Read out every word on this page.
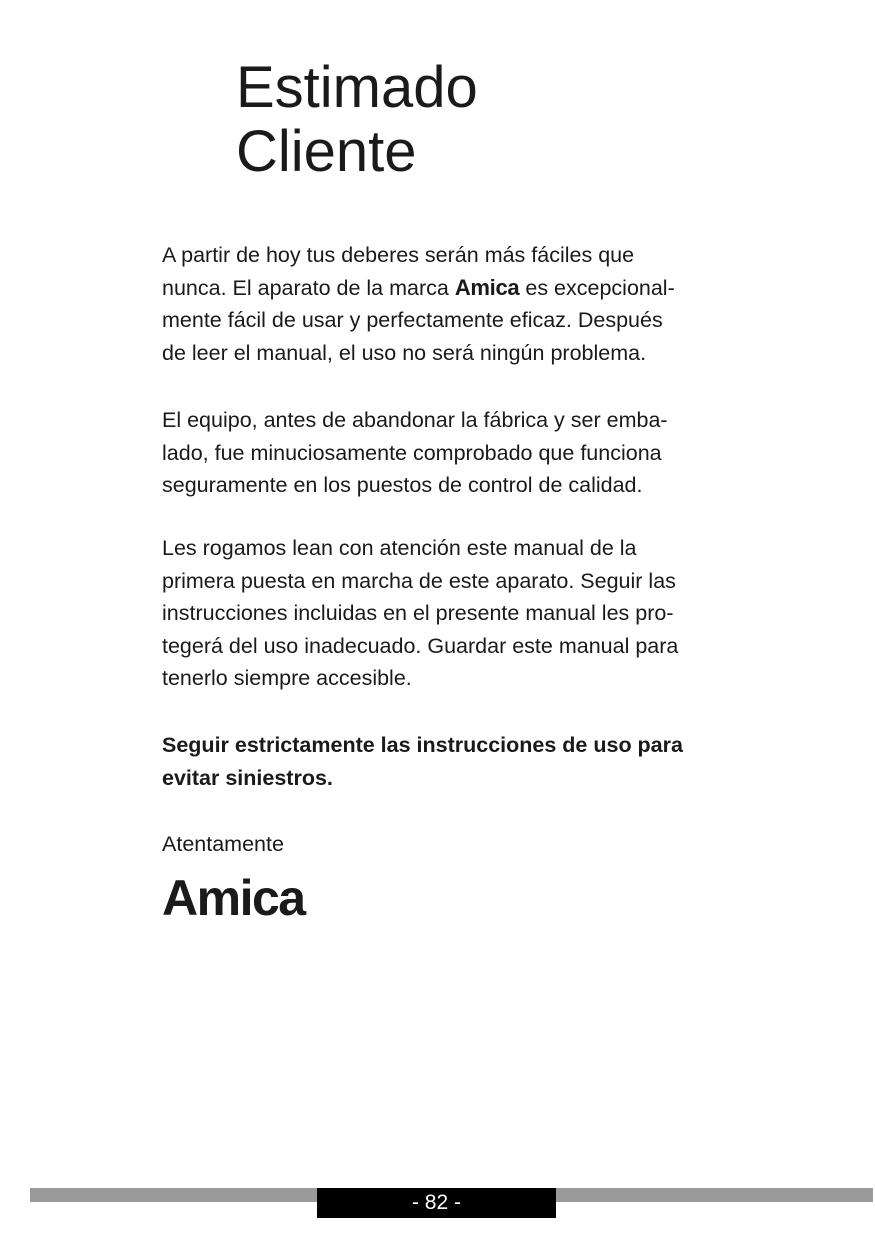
Estimado
Cliente

A partir de hoy tus deberes serán más fáciles que
nunca. El aparato de la marca Amica es excepcional-
mente fácil de usar y perfectamente eficaz. Después
de leer el manual, el uso no será ningún problema.

El equipo, antes de abandonar la fábrica y ser emba-
lado, fue minuciosamente comprobado que funciona
seguramente en los puestos de control de calidad.

Les rogamos lean con atención este manual de la
primera puesta en marcha de este aparato. Seguir las
instrucciones incluidas en el presente manual les pro-
tegerá del uso inadecuado. Guardar este manual para
tenerlo siempre accesible.

Seguir estrictamente las instrucciones de uso para
evitar siniestros.

Atentamente

Amica
- 82 -
